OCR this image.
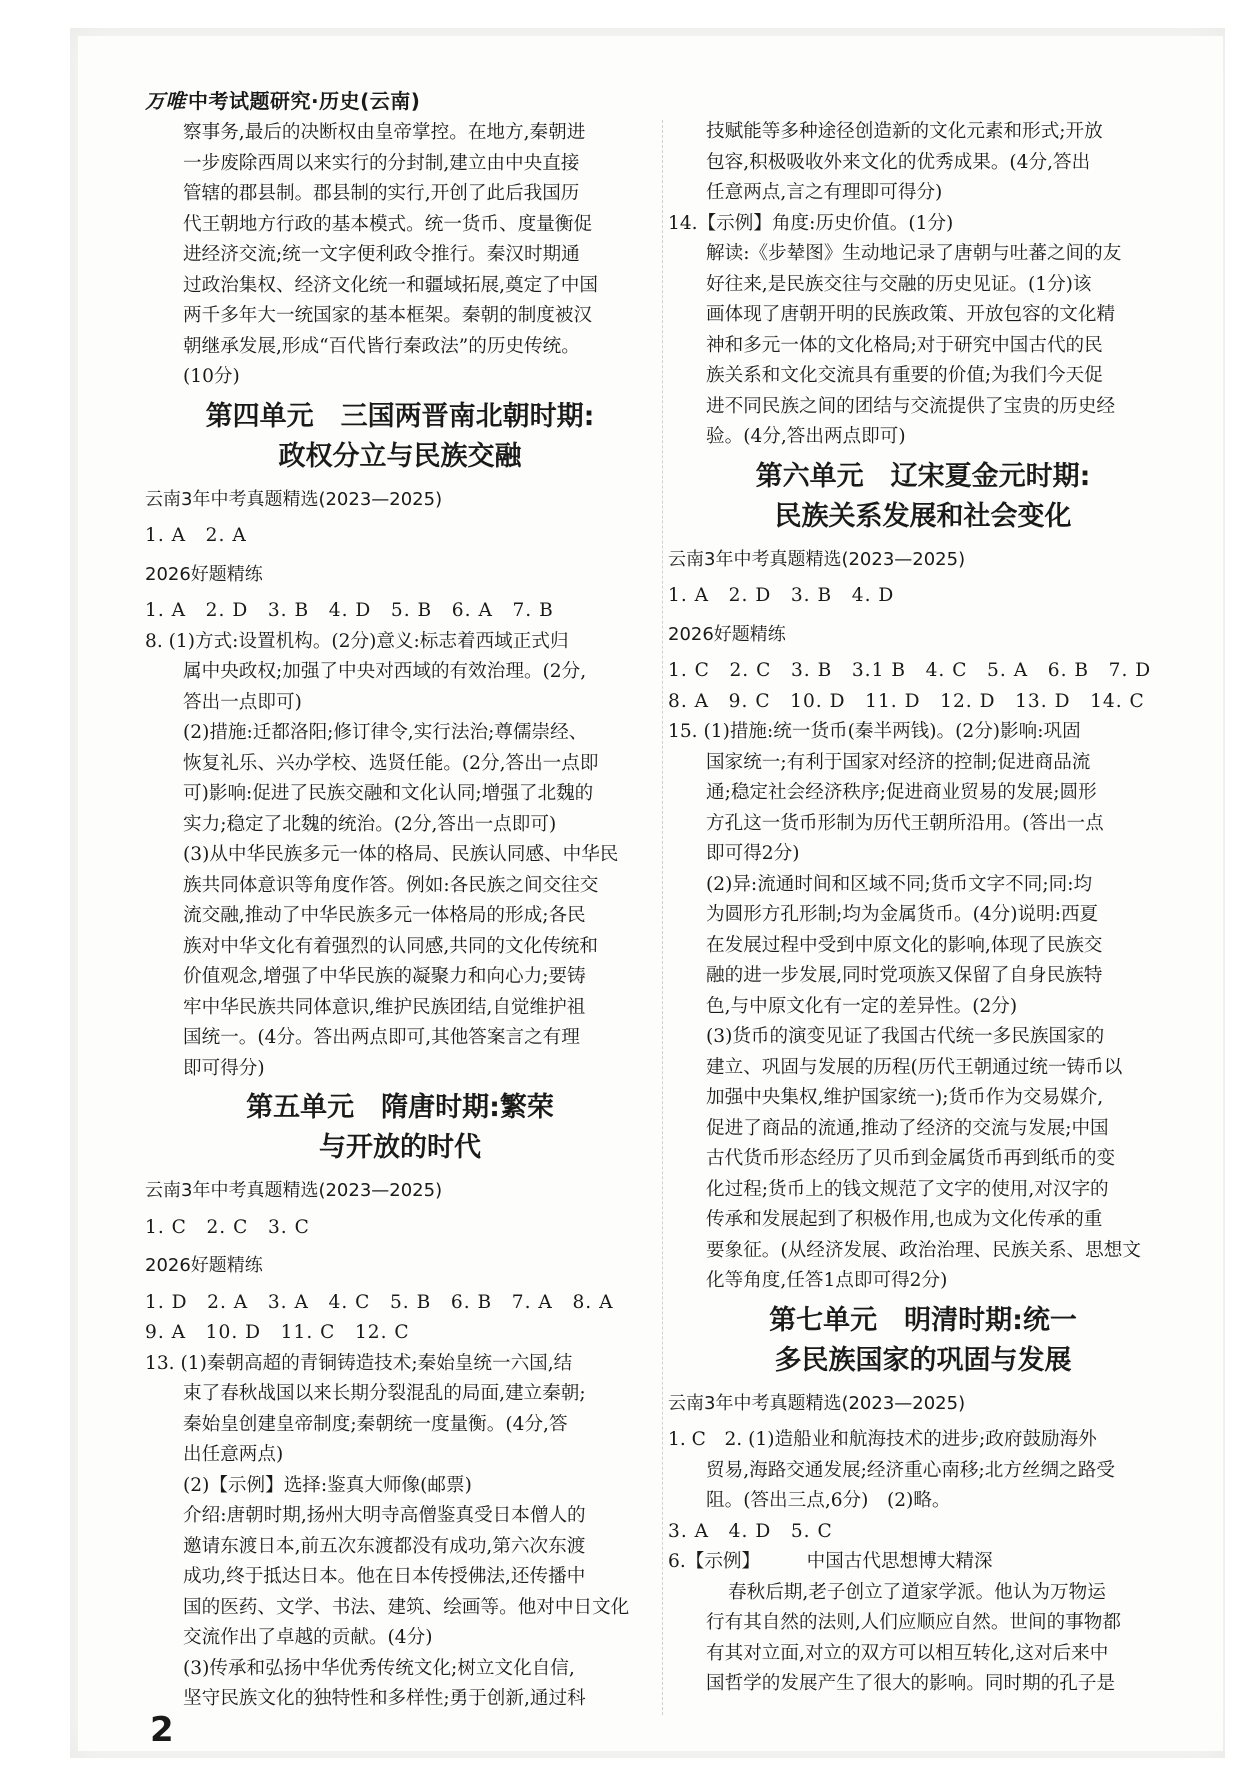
万唯 中考试题研究·历史(云南)

察事务,最后的决断权由皇帝掌控。在地方,秦朝进

一步废除西周以来实行的分封制,建立由中央直接

管辖的郡县制。郡县制的实行,开创了此后我国历

代王朝地方行政的基本模式。统一货币、度量衡促

进经济交流;统一文字便利政令推行。秦汉时期通

过政治集权、经济文化统一和疆域拓展,奠定了中国

两千多年大一统国家的基本框架。秦朝的制度被汉

朝继承发展,形成“百代皆行秦政法”的历史传统。

(10分)

第四单元　三国两晋南北朝时期:
政权分立与民族交融

云南3年中考真题精选(2023—2025)

1. A　2. A

2026好题精练

1. A　2. D　3. B　4. D　5. B　6. A　7. B

8. (1)方式:设置机构。(2分)意义:标志着西域正式归

属中央政权;加强了中央对西域的有效治理。(2分,

答出一点即可)

(2)措施:迁都洛阳;修订律令,实行法治;尊儒崇经、

恢复礼乐、兴办学校、选贤任能。(2分,答出一点即

可)影响:促进了民族交融和文化认同;增强了北魏的

实力;稳定了北魏的统治。(2分,答出一点即可)

(3)从中华民族多元一体的格局、民族认同感、中华民

族共同体意识等角度作答。例如:各民族之间交往交

流交融,推动了中华民族多元一体格局的形成;各民

族对中华文化有着强烈的认同感,共同的文化传统和

价值观念,增强了中华民族的凝聚力和向心力;要铸

牢中华民族共同体意识,维护民族团结,自觉维护祖

国统一。(4分。答出两点即可,其他答案言之有理

即可得分)

第五单元　隋唐时期:繁荣
与开放的时代

云南3年中考真题精选(2023—2025)

1. C　2. C　3. C

2026好题精练

1. D　2. A　3. A　4. C　5. B　6. B　7. A　8. A

9. A　10. D　11. C　12. C

13. (1)秦朝高超的青铜铸造技术;秦始皇统一六国,结

束了春秋战国以来长期分裂混乱的局面,建立秦朝;

秦始皇创建皇帝制度;秦朝统一度量衡。(4分,答

出任意两点)

(2)【示例】选择:鉴真大师像(邮票)

介绍:唐朝时期,扬州大明寺高僧鉴真受日本僧人的

邀请东渡日本,前五次东渡都没有成功,第六次东渡

成功,终于抵达日本。他在日本传授佛法,还传播中

国的医药、文学、书法、建筑、绘画等。他对中日文化

交流作出了卓越的贡献。(4分)

(3)传承和弘扬中华优秀传统文化;树立文化自信,

坚守民族文化的独特性和多样性;勇于创新,通过科

技赋能等多种途径创造新的文化元素和形式;开放

包容,积极吸收外来文化的优秀成果。(4分,答出

任意两点,言之有理即可得分)

14.【示例】角度:历史价值。(1分)

解读:《步辇图》生动地记录了唐朝与吐蕃之间的友

好往来,是民族交往与交融的历史见证。(1分)该

画体现了唐朝开明的民族政策、开放包容的文化精

神和多元一体的文化格局;对于研究中国古代的民

族关系和文化交流具有重要的价值;为我们今天促

进不同民族之间的团结与交流提供了宝贵的历史经

验。(4分,答出两点即可)

第六单元　辽宋夏金元时期:
民族关系发展和社会变化

云南3年中考真题精选(2023—2025)

1. A　2. D　3. B　4. D

2026好题精练

1. C　2. C　3. B　3.1 B　4. C　5. A　6. B　7. D

8. A　9. C　10. D　11. D　12. D　13. D　14. C

15. (1)措施:统一货币(秦半两钱)。(2分)影响:巩固

国家统一;有利于国家对经济的控制;促进商品流

通;稳定社会经济秩序;促进商业贸易的发展;圆形

方孔这一货币形制为历代王朝所沿用。(答出一点

即可得2分)

(2)异:流通时间和区域不同;货币文字不同;同:均

为圆形方孔形制;均为金属货币。(4分)说明:西夏

在发展过程中受到中原文化的影响,体现了民族交

融的进一步发展,同时党项族又保留了自身民族特

色,与中原文化有一定的差异性。(2分)

(3)货币的演变见证了我国古代统一多民族国家的

建立、巩固与发展的历程(历代王朝通过统一铸币以

加强中央集权,维护国家统一);货币作为交易媒介,

促进了商品的流通,推动了经济的交流与发展;中国

古代货币形态经历了贝币到金属货币再到纸币的变

化过程;货币上的钱文规范了文字的使用,对汉字的

传承和发展起到了积极作用,也成为文化传承的重

要象征。(从经济发展、政治治理、民族关系、思想文

化等角度,任答1点即可得2分)

第七单元　明清时期:统一
多民族国家的巩固与发展

云南3年中考真题精选(2023—2025)

1. C　2. (1)造船业和航海技术的进步;政府鼓励海外

贸易,海路交通发展;经济重心南移;北方丝绸之路受

阻。(答出三点,6分)　(2)略。

3. A　4. D　5. C

6.【示例】　　　中国古代思想博大精深

春秋后期,老子创立了道家学派。他认为万物运

行有其自然的法则,人们应顺应自然。世间的事物都

有其对立面,对立的双方可以相互转化,这对后来中

国哲学的发展产生了很大的影响。同时期的孔子是

2
